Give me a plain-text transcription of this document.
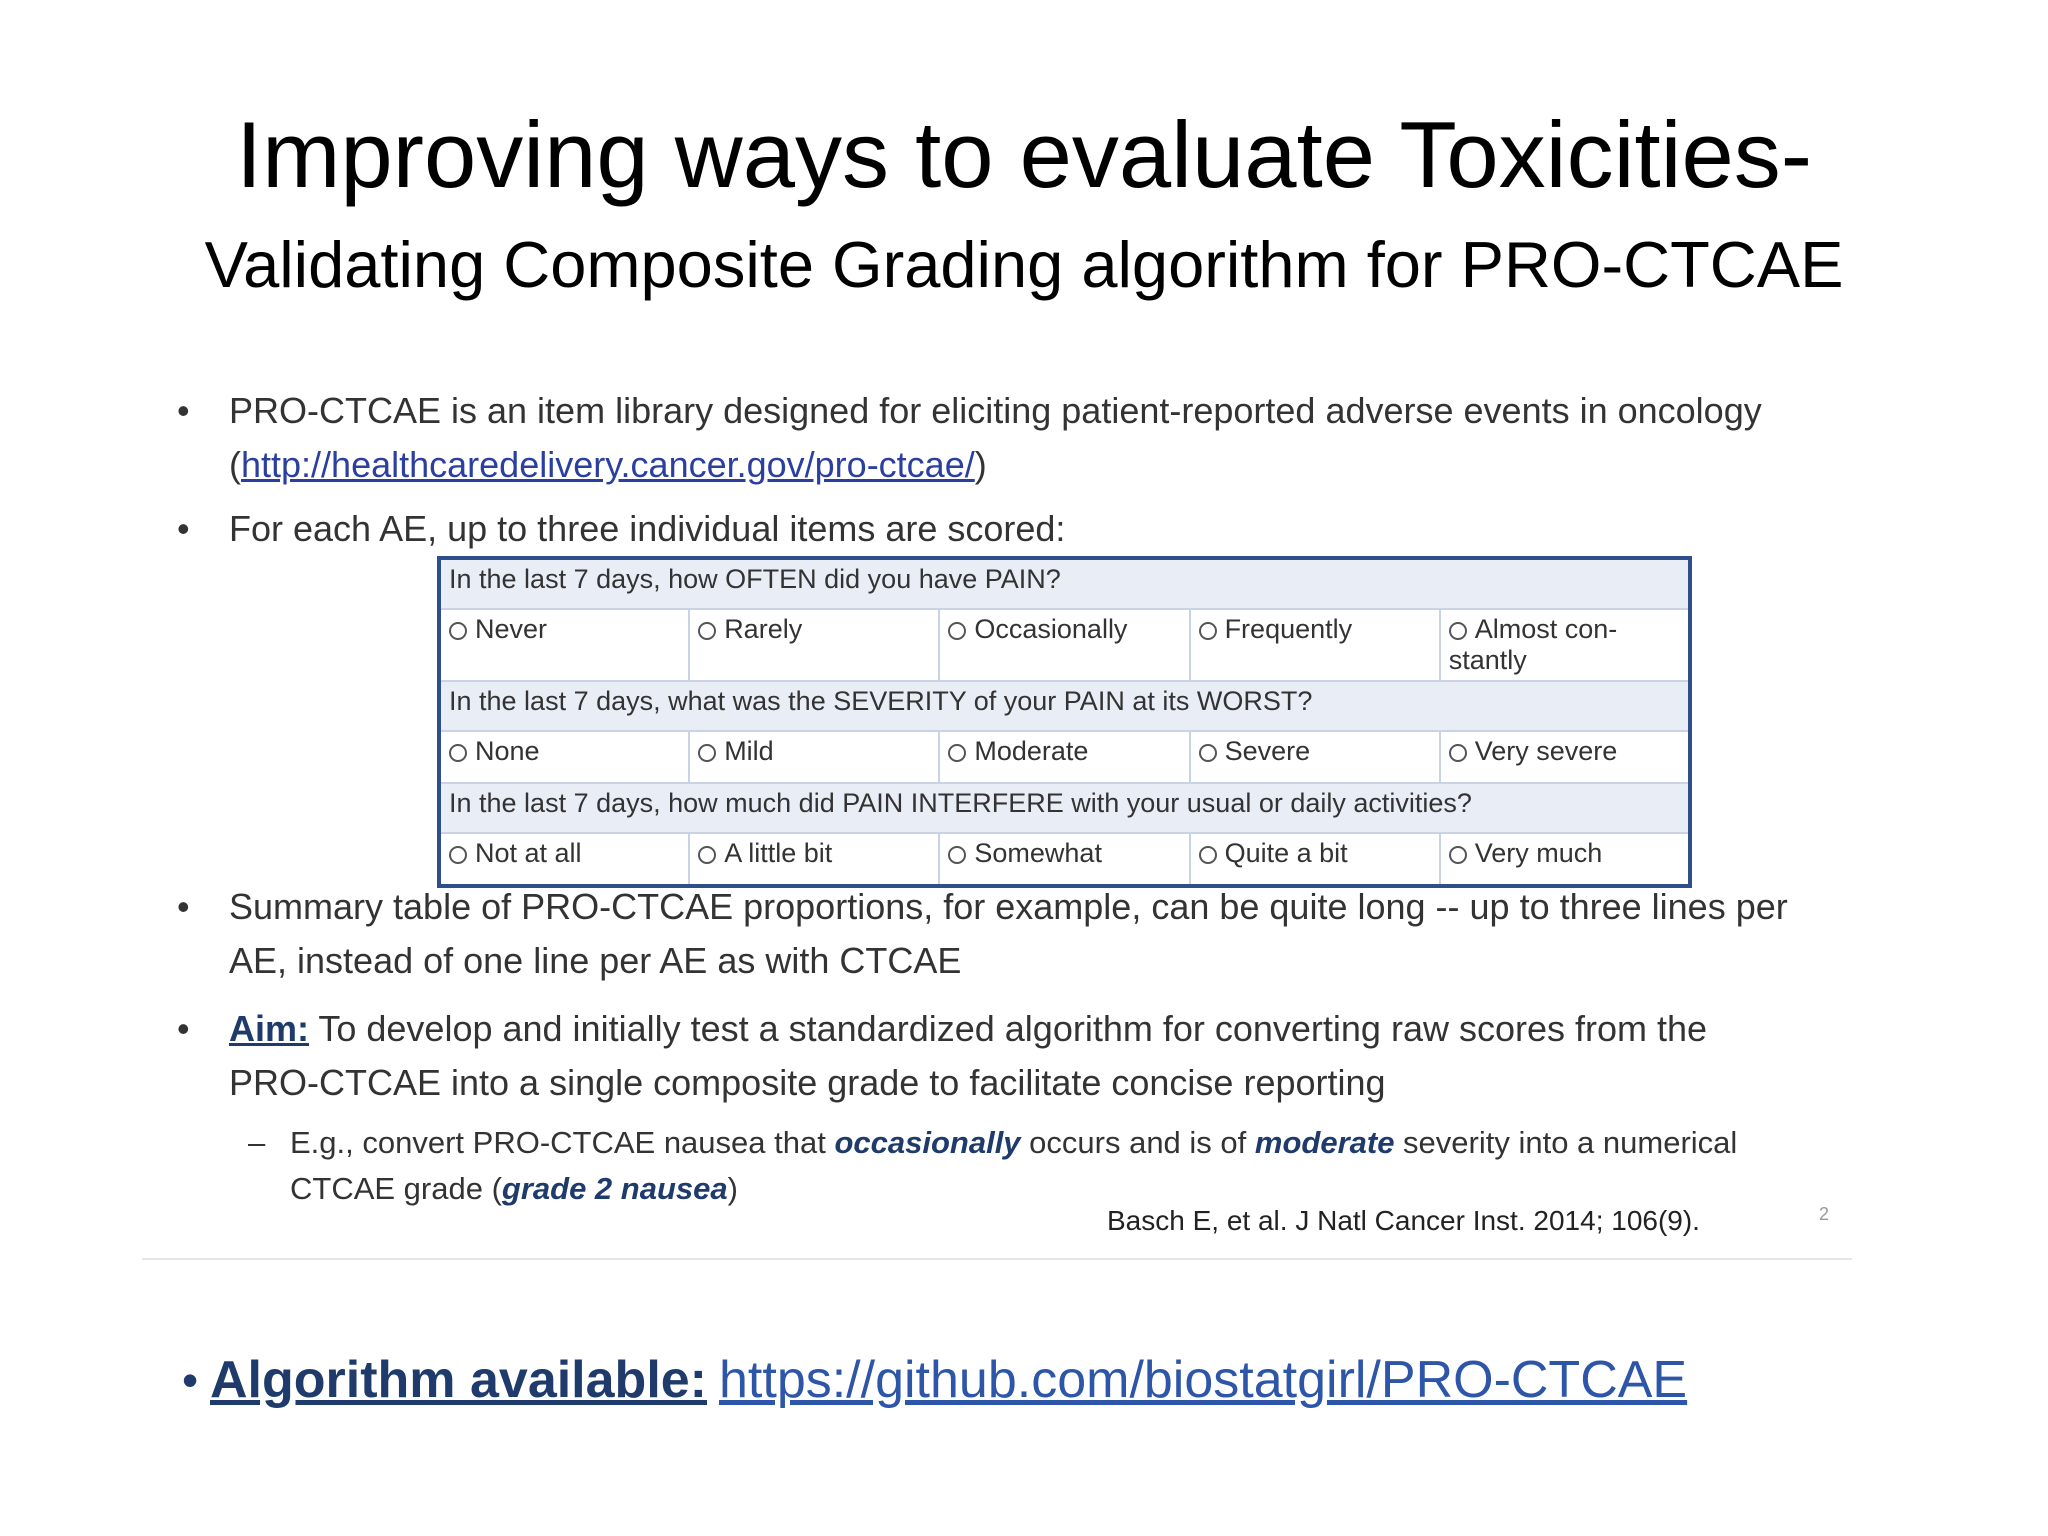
Improving ways to evaluate Toxicities-
Validating Composite Grading algorithm for PRO-CTCAE
• PRO-CTCAE is an item library designed for eliciting patient-reported adverse events in oncology (http://healthcaredelivery.cancer.gov/pro-ctcae/)
• For each AE, up to three individual items are scored:
In the last 7 days, how OFTEN did you have PAIN?				
Never	Rarely	Occasionally	Frequently	Almost con-stantly
In the last 7 days, what was the SEVERITY of your PAIN at its WORST?				
None	Mild	Moderate	Severe	Very severe
In the last 7 days, how much did PAIN INTERFERE with your usual or daily activities?				
Not at all	A little bit	Somewhat	Quite a bit	Very much
• Summary table of PRO-CTCAE proportions, for example, can be quite long -- up to three lines per AE, instead of one line per AE as with CTCAE
• Aim: To develop and initially test a standardized algorithm for converting raw scores from the PRO-CTCAE into a single composite grade to facilitate concise reporting
– E.g., convert PRO-CTCAE nausea that occasionally occurs and is of moderate severity into a numerical CTCAE grade (grade 2 nausea)
Basch E, et al. J Natl Cancer Inst. 2014; 106(9).	2
• Algorithm available: https://github.com/biostatgirl/PRO-CTCAE
